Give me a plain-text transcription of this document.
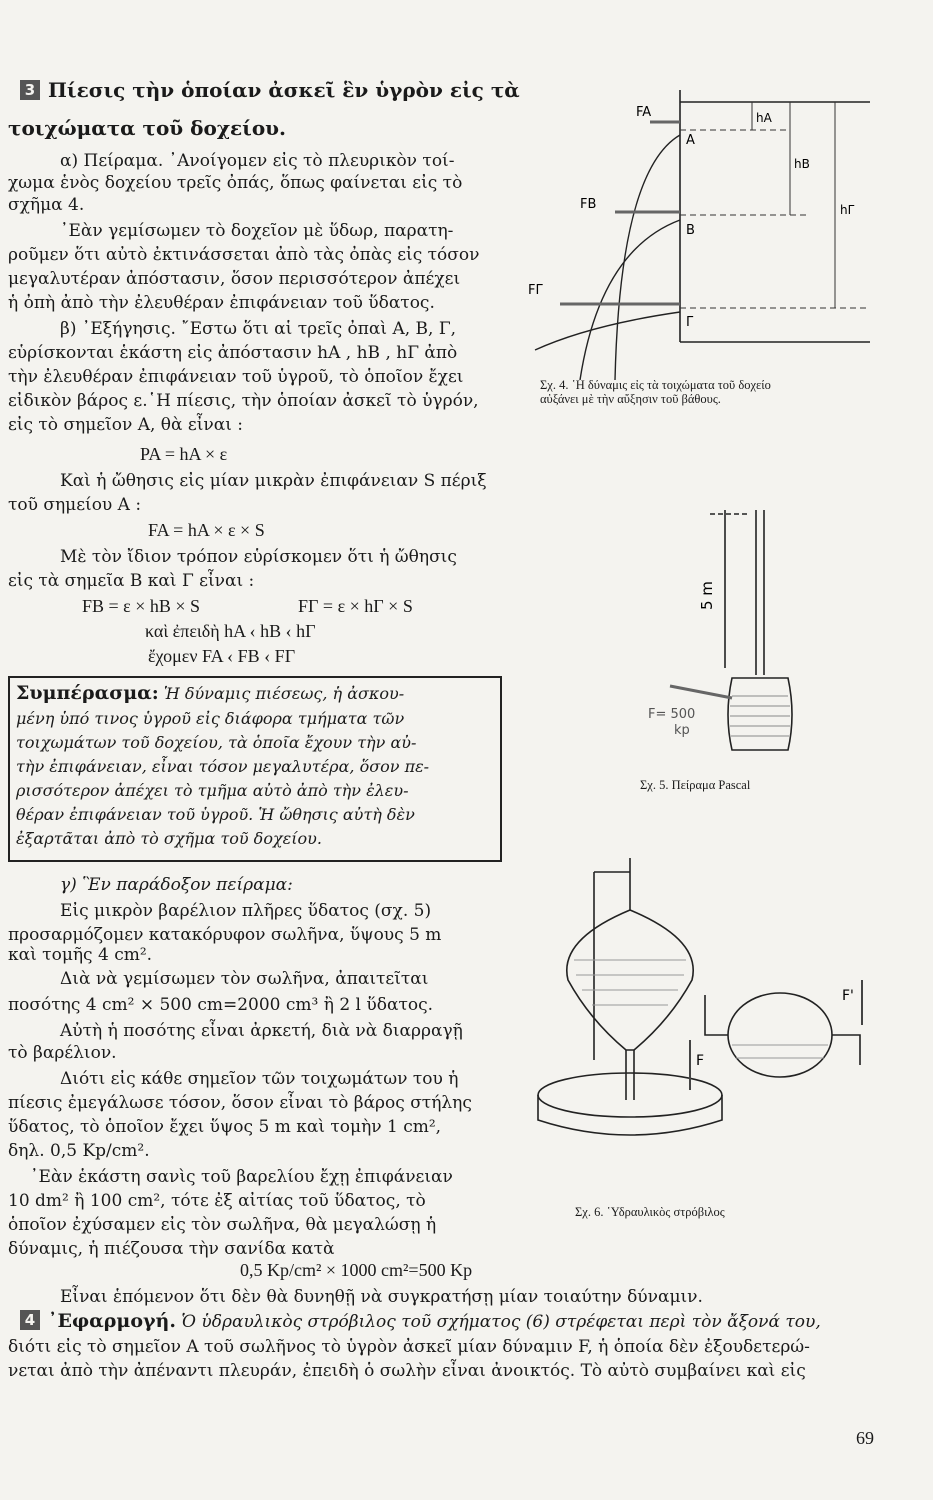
3 Πίεσις τὴν ὁποίαν ἀσκεῖ ἓν ὑγρὸν εἰς τὰ
τοιχώματα τοῦ δοχείου.
α) Πείραμα. ᾿Ανοίγομεν εἰς τὸ πλευρικὸν τοί-
χωμα ἑνὸς δοχείου τρεῖς ὀπάς, ὅπως φαίνεται εἰς τὸ
σχῆμα 4.
᾿Εὰν γεμίσωμεν τὸ δοχεῖον μὲ ὕδωρ, παρατη-
ροῦμεν ὅτι αὐτὸ ἐκτινάσσεται ἀπὸ τὰς ὀπὰς εἰς τόσον
μεγαλυτέραν ἀπόστασιν, ὅσον περισσότερον ἀπέχει
ἡ ὀπὴ ἀπὸ τὴν ἐλευθέραν ἐπιφάνειαν τοῦ ὕδατος.
β) ᾿Εξήγησις. ῎Εστω ὅτι αἱ τρεῖς ὀπαὶ Α, Β, Γ,
εὑρίσκονται ἑκάστη εἰς ἀπόστασιν hA , hB , hΓ ἀπὸ
τὴν ἐλευθέραν ἐπιφάνειαν τοῦ ὑγροῦ, τὸ ὁποῖον ἔχει
εἰδικὸν βάρος ε.῾Η πίεσις, τὴν ὁποίαν ἀσκεῖ τὸ ὑγρόν,
εἰς τὸ σημεῖον Α, θὰ εἶναι :
PA = hA × ε
Καὶ ἡ ὤθησις εἰς μίαν μικρὰν ἐπιφάνειαν S πέριξ
τοῦ σημείου Α :
FA = hA × ε × S
Μὲ τὸν ἴδιον τρόπον εὑρίσκομεν ὅτι ἡ ὤθησις
εἰς τὰ σημεῖα Β καὶ Γ εἶναι :
FB = ε × hB × S	FΓ = ε × hΓ × S
καὶ ἐπειδὴ hA ‹ hB ‹ hΓ
ἔχομεν FA ‹ FB ‹ FΓ
Συμπέρασμα: Ἡ δύναμις πιέσεως, ἡ ἀσκου-
μένη ὑπό τινος ὑγροῦ εἰς διάφορα τμήματα τῶν
τοιχωμάτων τοῦ δοχείου, τὰ ὁποῖα ἔχουν τὴν αὐ-
τὴν ἐπιφάνειαν, εἶναι τόσον μεγαλυτέρα, ὅσον πε-
ρισσότερον ἀπέχει τὸ τμῆμα αὐτὸ ἀπὸ τὴν ἐλευ-
θέραν ἐπιφάνειαν τοῦ ὑγροῦ. Ἡ ὤθησις αὐτὴ δὲν
ἐξαρτᾶται ἀπὸ τὸ σχῆμα τοῦ δοχείου.
γ) Ἓν παράδοξον πείραμα:
Εἰς μικρὸν βαρέλιον πλῆρες ὕδατος (σχ. 5)
προσαρμόζομεν κατακόρυφον σωλῆνα, ὕψους 5 m
καὶ τομῆς 4 cm².
Διὰ νὰ γεμίσωμεν τὸν σωλῆνα, ἀπαιτεῖται
ποσότης 4 cm² × 500 cm=2000 cm³ ἢ 2 l ὕδατος.
Αὐτὴ ἡ ποσότης εἶναι ἀρκετή, διὰ νὰ διαρραγῇ
τὸ βαρέλιον.
Διότι εἰς κάθε σημεῖον τῶν τοιχωμάτων του ἡ
πίεσις ἐμεγάλωσε τόσον, ὅσον εἶναι τὸ βάρος στήλης
ὕδατος, τὸ ὁποῖον ἔχει ὕψος 5 m καὶ τομὴν 1 cm²,
δηλ. 0,5 Kp/cm².
᾿Εὰν ἑκάστη σανὶς τοῦ βαρελίου ἔχῃ ἐπιφάνειαν
10 dm² ἢ 100 cm², τότε ἐξ αἰτίας τοῦ ὕδατος, τὸ
ὁποῖον ἐχύσαμεν εἰς τὸν σωλῆνα, θὰ μεγαλώσῃ ἡ
δύναμις, ἡ πιέζουσα τὴν σανίδα κατὰ
0,5 Kp/cm² × 1000 cm²=500 Kp
Εἶναι ἑπόμενον ὅτι δὲν θὰ δυνηθῇ νὰ συγκρατήσῃ μίαν τοιαύτην δύναμιν.
4 ᾿Εφαρμογή. Ὁ ὑδραυλικὸς στρόβιλος τοῦ σχήματος (6) στρέφεται περὶ τὸν ἄξονά του,
διότι εἰς τὸ σημεῖον Α τοῦ σωλῆνος τὸ ὑγρὸν ἀσκεῖ μίαν δύναμιν F, ἡ ὁποία δὲν ἐξουδετερώ-
νεται ἀπὸ τὴν ἀπέναντι πλευράν, ἐπειδὴ ὁ σωλὴν εἶναι ἀνοικτός. Τὸ αὐτὸ συμβαίνει καὶ εἰς
69
FA
FB
FΓ
A
B
Γ
hA
hB
hΓ
Σχ. 4. ῾Η δύναμις εἰς τὰ τοιχώματα τοῦ δοχείο
αὐξάνει μὲ τὴν αὔξησιν τοῦ βάθους.
5 m
F= 500
kp
Σχ. 5. Πείραμα Pascal
F
F'
Σχ. 6. ῾Υδραυλικὸς στρόβιλος
